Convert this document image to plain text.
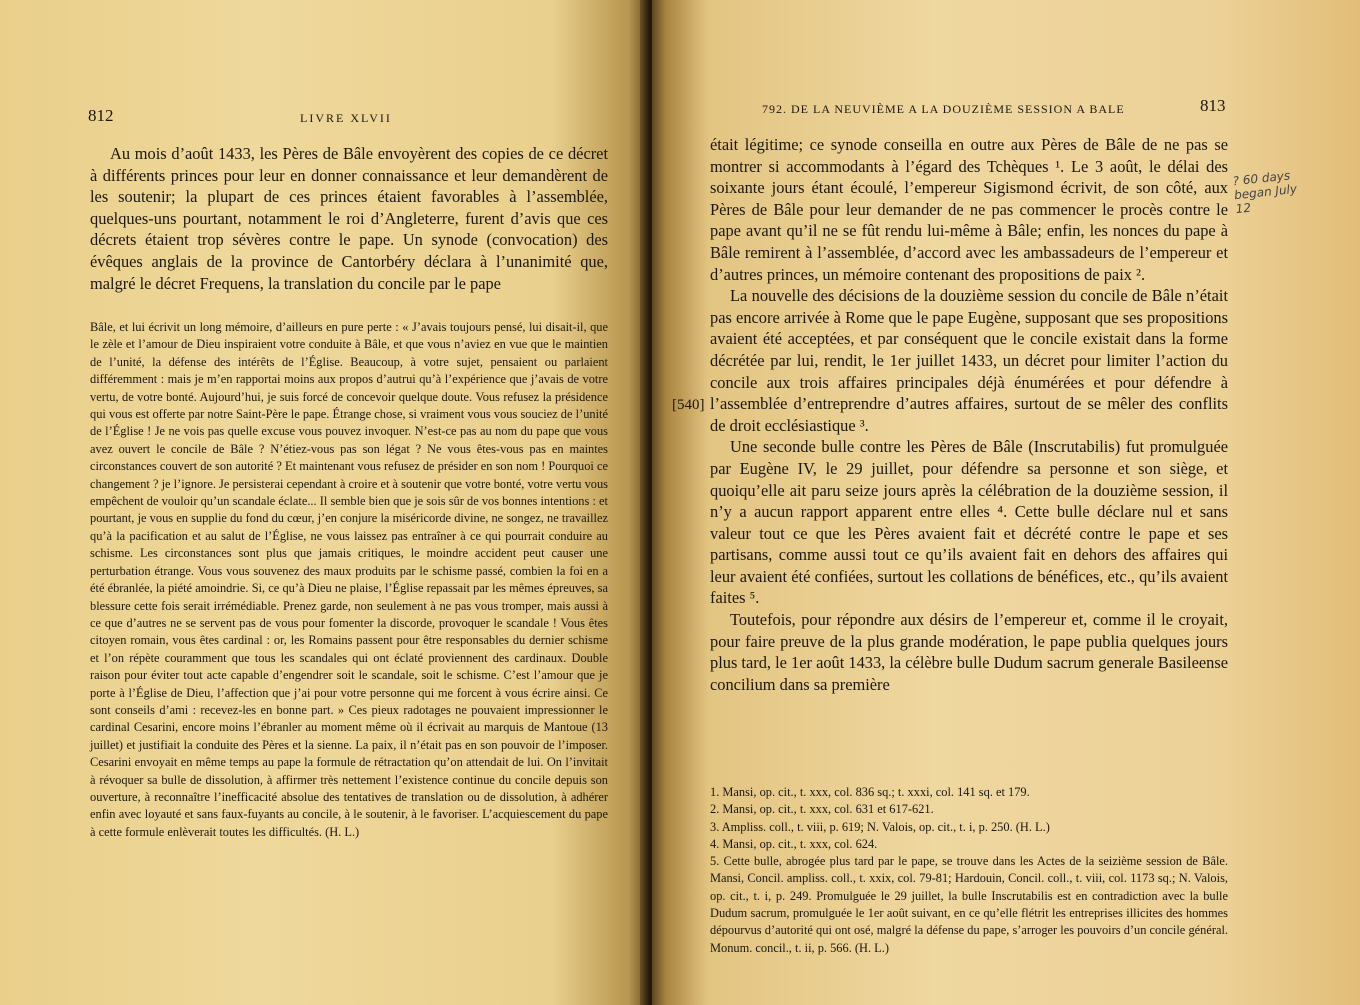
812	LIVRE XLVII

Au mois d’août 1433, les Pères de Bâle envoyèrent des copies de ce décret à différents princes pour leur en donner connaissance et leur demandèrent de les soutenir; la plupart de ces princes étaient favorables à l’assemblée, quelques-uns pourtant, notamment le roi d’Angleterre, furent d’avis que ces décrets étaient trop sévères contre le pape. Un synode (convocation) des évêques anglais de la province de Cantorbéry déclara à l’unanimité que, malgré le décret Frequens, la translation du concile par le pape

Bâle, et lui écrivit un long mémoire, d’ailleurs en pure perte : « J’avais toujours pensé, lui disait-il, que le zèle et l’amour de Dieu inspiraient votre conduite à Bâle, et que vous n’aviez en vue que le maintien de l’unité, la défense des intérêts de l’Église. Beaucoup, à votre sujet, pensaient ou parlaient différemment : mais je m’en rapportai moins aux propos d’autrui qu’à l’expérience que j’avais de votre vertu, de votre bonté. Aujourd’hui, je suis forcé de concevoir quelque doute. Vous refusez la présidence qui vous est offerte par notre Saint-Père le pape. Étrange chose, si vraiment vous vous souciez de l’unité de l’Église ! Je ne vois pas quelle excuse vous pouvez invoquer. N’est-ce pas au nom du pape que vous avez ouvert le concile de Bâle ? N’étiez-vous pas son légat ? Ne vous êtes-vous pas en maintes circonstances couvert de son autorité ? Et maintenant vous refusez de présider en son nom ! Pourquoi ce changement ? je l’ignore. Je persisterai cependant à croire et à soutenir que votre bonté, votre vertu vous empêchent de vouloir qu’un scandale éclate... Il semble bien que je sois sûr de vos bonnes intentions : et pourtant, je vous en supplie du fond du cœur, j’en conjure la miséricorde divine, ne songez, ne travaillez qu’à la pacification et au salut de l’Église, ne vous laissez pas entraîner à ce qui pourrait conduire au schisme. Les circonstances sont plus que jamais critiques, le moindre accident peut causer une perturbation étrange. Vous vous souvenez des maux produits par le schisme passé, combien la foi en a été ébranlée, la piété amoindrie. Si, ce qu’à Dieu ne plaise, l’Église repassait par les mêmes épreuves, sa blessure cette fois serait irrémédiable. Prenez garde, non seulement à ne pas vous tromper, mais aussi à ce que d’autres ne se servent pas de vous pour fomenter la discorde, provoquer le scandale ! Vous êtes citoyen romain, vous êtes cardinal : or, les Romains passent pour être responsables du dernier schisme et l’on répète couramment que tous les scandales qui ont éclaté proviennent des cardinaux. Double raison pour éviter tout acte capable d’engendrer soit le scandale, soit le schisme. C’est l’amour que je porte à l’Église de Dieu, l’affection que j’ai pour votre personne qui me forcent à vous écrire ainsi. Ce sont conseils d’ami : recevez-les en bonne part. » Ces pieux radotages ne pouvaient impressionner le cardinal Cesarini, encore moins l’ébranler au moment même où il écrivait au marquis de Mantoue (13 juillet) et justifiait la conduite des Pères et la sienne. La paix, il n’était pas en son pouvoir de l’imposer. Cesarini envoyait en même temps au pape la formule de rétractation qu’on attendait de lui. On l’invitait à révoquer sa bulle de dissolution, à affirmer très nettement l’existence continue du concile depuis son ouverture, à reconnaître l’inefficacité absolue des tentatives de translation ou de dissolution, à adhérer enfin avec loyauté et sans faux-fuyants au concile, à le soutenir, à le favoriser. L’acquiescement du pape à cette formule enlèverait toutes les difficultés. (H. L.)

792. DE LA NEUVIÈME A LA DOUZIÈME SESSION A BALE	813
[540]
? 60 days began July 12

était légitime; ce synode conseilla en outre aux Pères de Bâle de ne pas se montrer si accommodants à l’égard des Tchèques ¹. Le 3 août, le délai des soixante jours étant écoulé, l’empereur Sigismond écrivit, de son côté, aux Pères de Bâle pour leur demander de ne pas commencer le procès contre le pape avant qu’il ne se fût rendu lui-même à Bâle; enfin, les nonces du pape à Bâle remirent à l’assemblée, d’accord avec les ambassadeurs de l’empereur et d’autres princes, un mémoire contenant des propositions de paix ².

La nouvelle des décisions de la douzième session du concile de Bâle n’était pas encore arrivée à Rome que le pape Eugène, supposant que ses propositions avaient été acceptées, et par conséquent que le concile existait dans la forme décrétée par lui, rendit, le 1er juillet 1433, un décret pour limiter l’action du concile aux trois affaires principales déjà énumérées et pour défendre à l’assemblée d’entreprendre d’autres affaires, surtout de se mêler des conflits de droit ecclésiastique ³.

Une seconde bulle contre les Pères de Bâle (Inscrutabilis) fut promulguée par Eugène IV, le 29 juillet, pour défendre sa personne et son siège, et quoiqu’elle ait paru seize jours après la célébration de la douzième session, il n’y a aucun rapport apparent entre elles ⁴. Cette bulle déclare nul et sans valeur tout ce que les Pères avaient fait et décrété contre le pape et ses partisans, comme aussi tout ce qu’ils avaient fait en dehors des affaires qui leur avaient été confiées, surtout les collations de bénéfices, etc., qu’ils avaient faites ⁵.

Toutefois, pour répondre aux désirs de l’empereur et, comme il le croyait, pour faire preuve de la plus grande modération, le pape publia quelques jours plus tard, le 1er août 1433, la célèbre bulle Dudum sacrum generale Basileense concilium dans sa première

1. Mansi, op. cit., t. xxx, col. 836 sq.; t. xxxi, col. 141 sq. et 179.

2. Mansi, op. cit., t. xxx, col. 631 et 617-621.

3. Ampliss. coll., t. viii, p. 619; N. Valois, op. cit., t. i, p. 250. (H. L.)

4. Mansi, op. cit., t. xxx, col. 624.

5. Cette bulle, abrogée plus tard par le pape, se trouve dans les Actes de la seizième session de Bâle. Mansi, Concil. ampliss. coll., t. xxix, col. 79-81; Hardouin, Concil. coll., t. viii, col. 1173 sq.; N. Valois, op. cit., t. i, p. 249. Promulguée le 29 juillet, la bulle Inscrutabilis est en contradiction avec la bulle Dudum sacrum, promulguée le 1er août suivant, en ce qu’elle flétrit les entreprises illicites des hommes dépourvus d’autorité qui ont osé, malgré la défense du pape, s’arroger les pouvoirs d’un concile général. Monum. concil., t. ii, p. 566. (H. L.)
